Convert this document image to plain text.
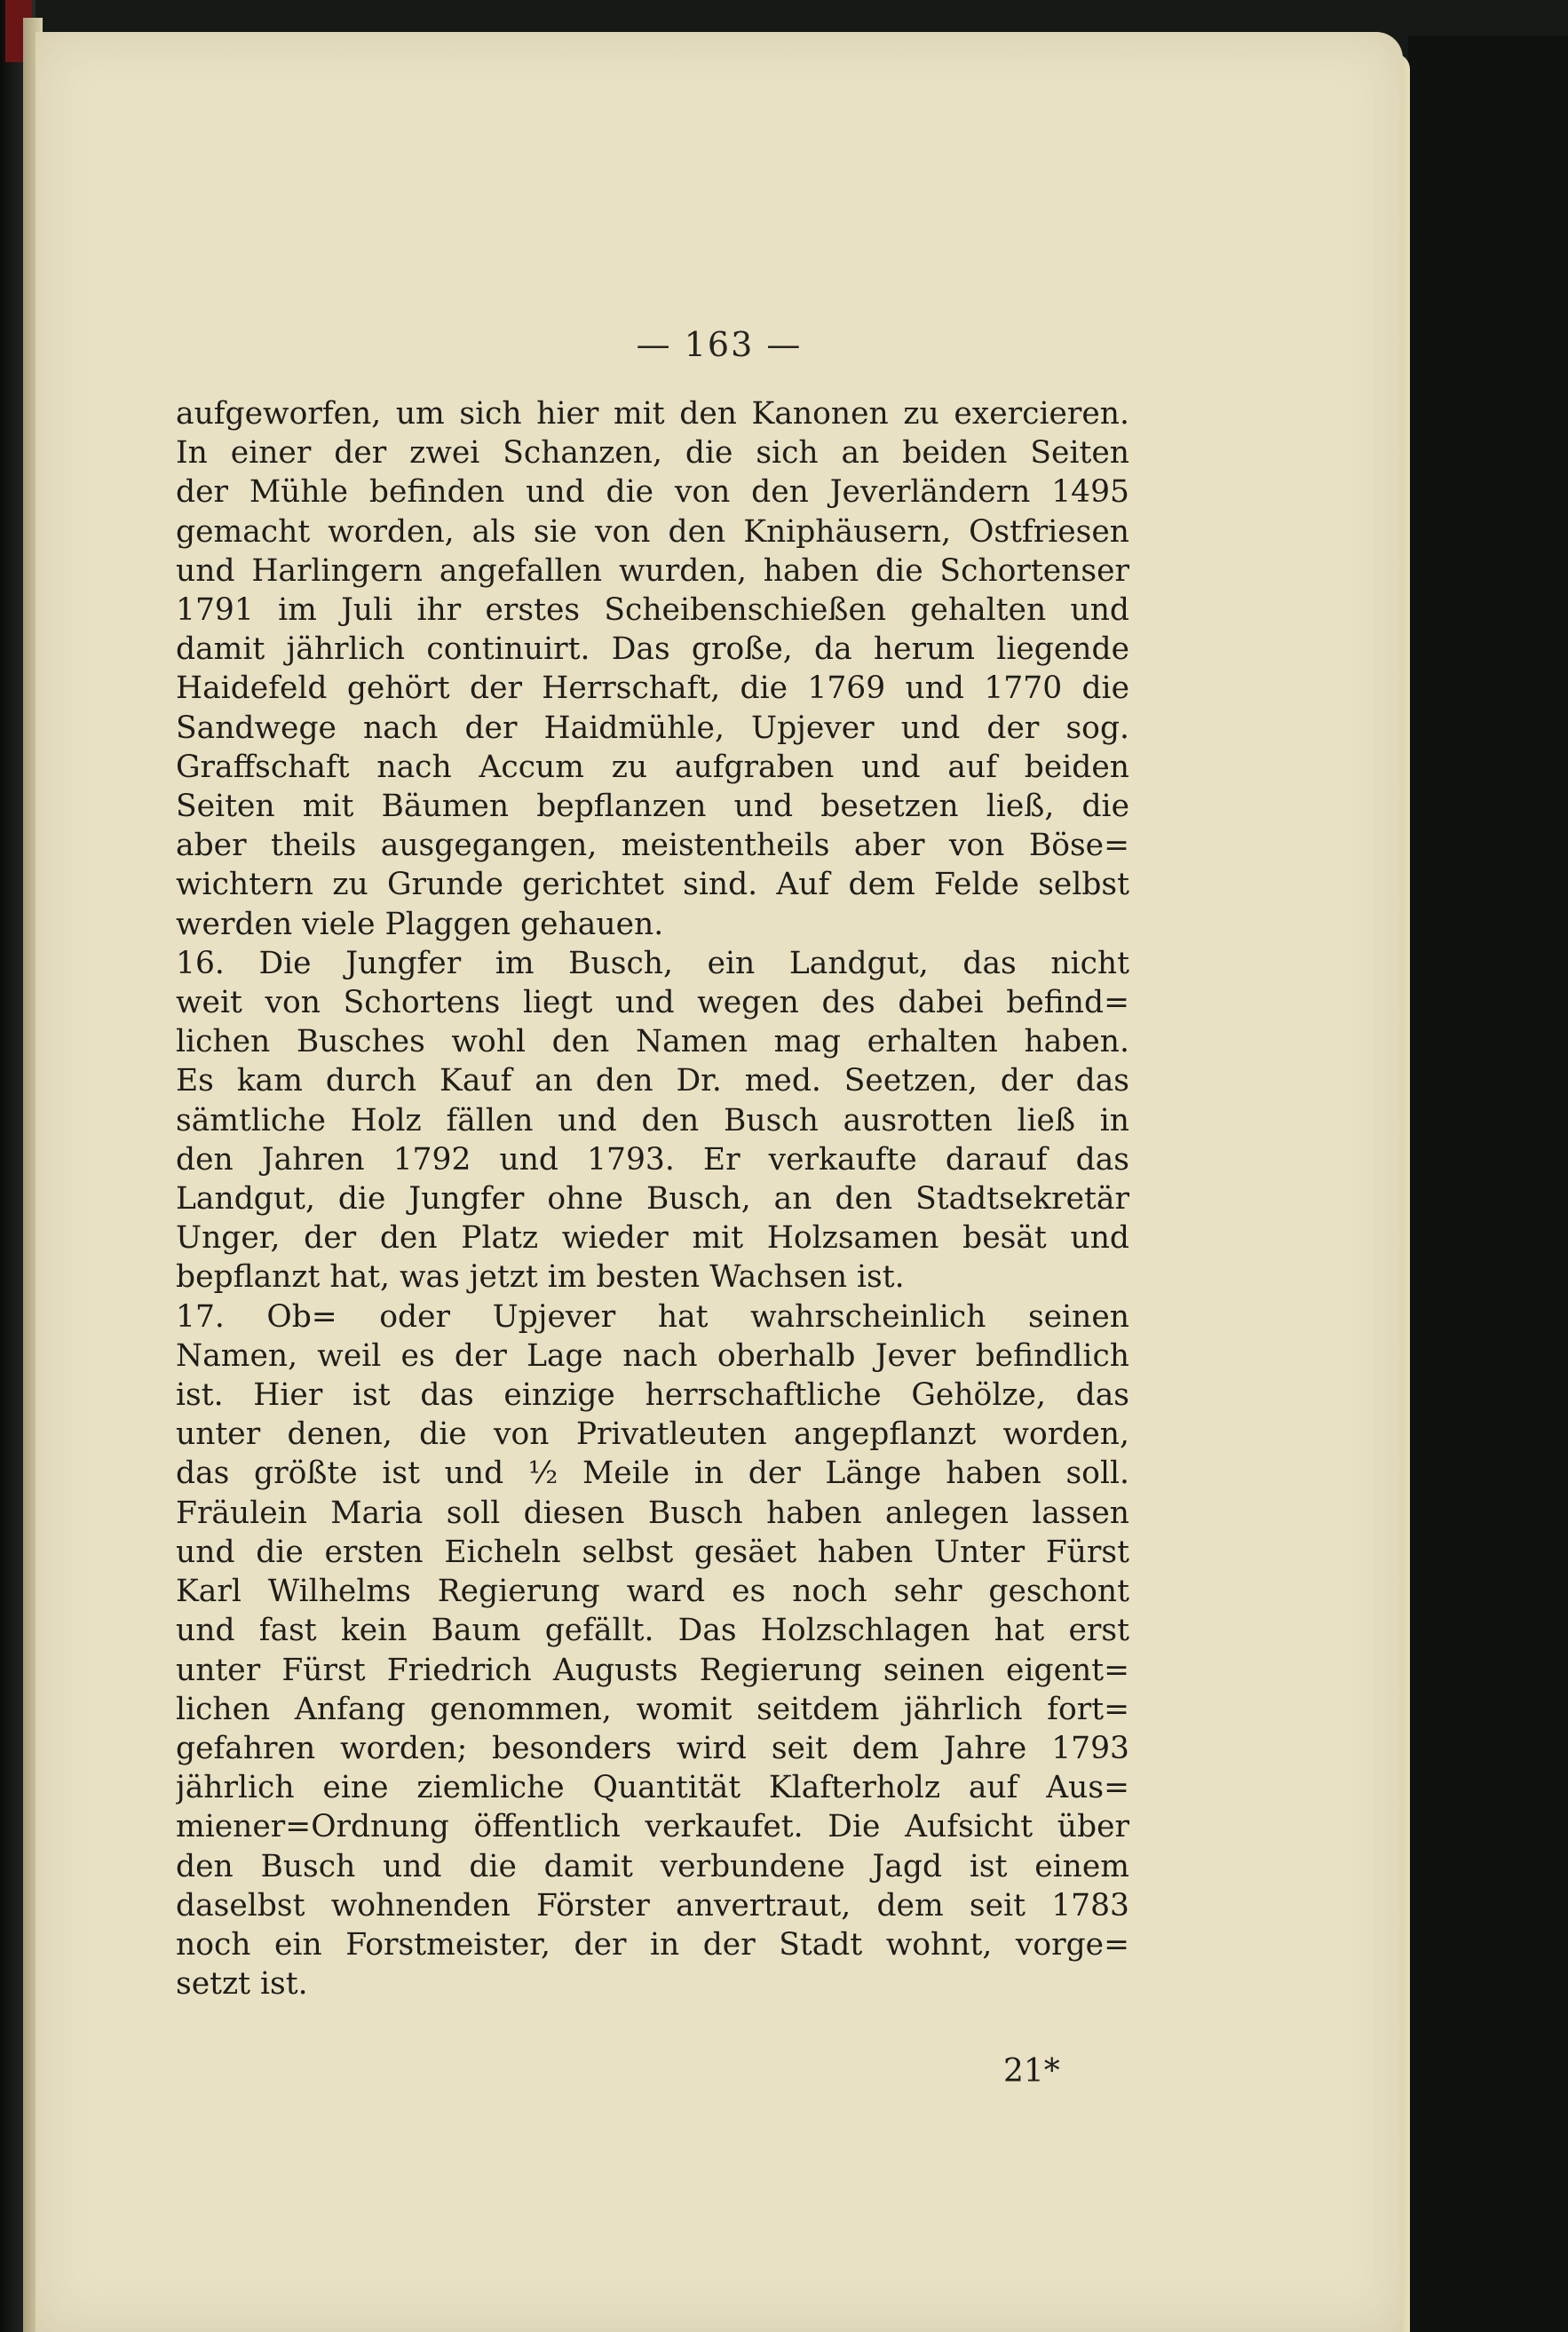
— 163 —
aufgeworfen, um sich hier mit den Kanonen zu exercieren.
In einer der zwei Schanzen, die sich an beiden Seiten
der Mühle befinden und die von den Jeverländern 1495
gemacht worden, als sie von den Kniphäusern, Ostfriesen
und Harlingern angefallen wurden, haben die Schortenser
1791 im Juli ihr erstes Scheibenschießen gehalten und
damit jährlich continuirt. Das große, da herum liegende
Haidefeld gehört der Herrschaft, die 1769 und 1770 die
Sandwege nach der Haidmühle, Upjever und der sog.
Graffschaft nach Accum zu aufgraben und auf beiden
Seiten mit Bäumen bepflanzen und besetzen ließ, die
aber theils ausgegangen, meistentheils aber von Böse=
wichtern zu Grunde gerichtet sind. Auf dem Felde selbst
werden viele Plaggen gehauen.
16. Die Jungfer im Busch, ein Landgut, das nicht
weit von Schortens liegt und wegen des dabei befind=
lichen Busches wohl den Namen mag erhalten haben.
Es kam durch Kauf an den Dr. med. Seetzen, der das
sämtliche Holz fällen und den Busch ausrotten ließ in
den Jahren 1792 und 1793. Er verkaufte darauf das
Landgut, die Jungfer ohne Busch, an den Stadtsekretär
Unger, der den Platz wieder mit Holzsamen besät und
bepflanzt hat, was jetzt im besten Wachsen ist.
17. Ob= oder Upjever hat wahrscheinlich seinen
Namen, weil es der Lage nach oberhalb Jever befindlich
ist. Hier ist das einzige herrschaftliche Gehölze, das
unter denen, die von Privatleuten angepflanzt worden,
das größte ist und ½ Meile in der Länge haben soll.
Fräulein Maria soll diesen Busch haben anlegen lassen
und die ersten Eicheln selbst gesäet haben Unter Fürst
Karl Wilhelms Regierung ward es noch sehr geschont
und fast kein Baum gefällt. Das Holzschlagen hat erst
unter Fürst Friedrich Augusts Regierung seinen eigent=
lichen Anfang genommen, womit seitdem jährlich fort=
gefahren worden; besonders wird seit dem Jahre 1793
jährlich eine ziemliche Quantität Klafterholz auf Aus=
miener=Ordnung öffentlich verkaufet. Die Aufsicht über
den Busch und die damit verbundene Jagd ist einem
daselbst wohnenden Förster anvertraut, dem seit 1783
noch ein Forstmeister, der in der Stadt wohnt, vorge=
setzt ist.
21*
